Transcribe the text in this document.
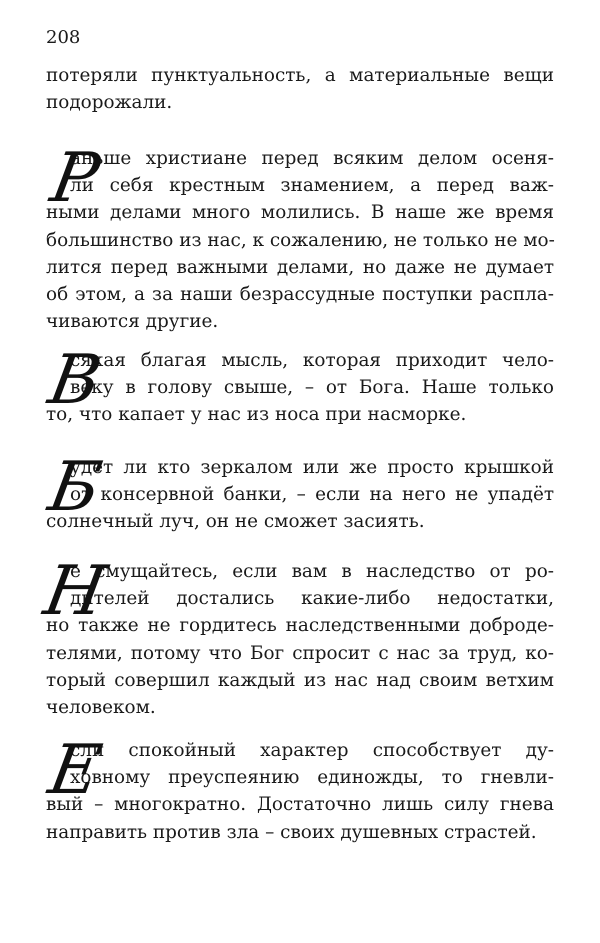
208
потеряли пунктуальность, а материальные вещи
подорожали.
Р
аньше христиане перед всяким делом осеня-
ли себя крестным знамением, а перед важ-
ными делами много молились. В наше же время
большинство из нас, к сожалению, не только не мо-
лится перед важными делами, но даже не думает
об этом, а за наши безрассудные поступки распла-
чиваются другие.
В
сякая благая мысль, которая приходит чело-
веку в голову свыше, – от Бога. Наше только
то, что капает у нас из носа при насморке.
Б
удет ли кто зеркалом или же просто крышкой
от консервной банки, – если на него не упадёт
солнечный луч, он не сможет засиять.
Н
е смущайтесь, если вам в наследство от ро-
дителей достались какие-либо недостатки,
но также не гордитесь наследственными доброде-
телями, потому что Бог спросит с нас за труд, ко-
торый совершил каждый из нас над своим ветхим
человеком.
Е
сли спокойный характер способствует ду-
ховному преуспеянию единожды, то гневли-
вый – многократно. Достаточно лишь силу гнева
направить против зла – своих душевных страстей.
